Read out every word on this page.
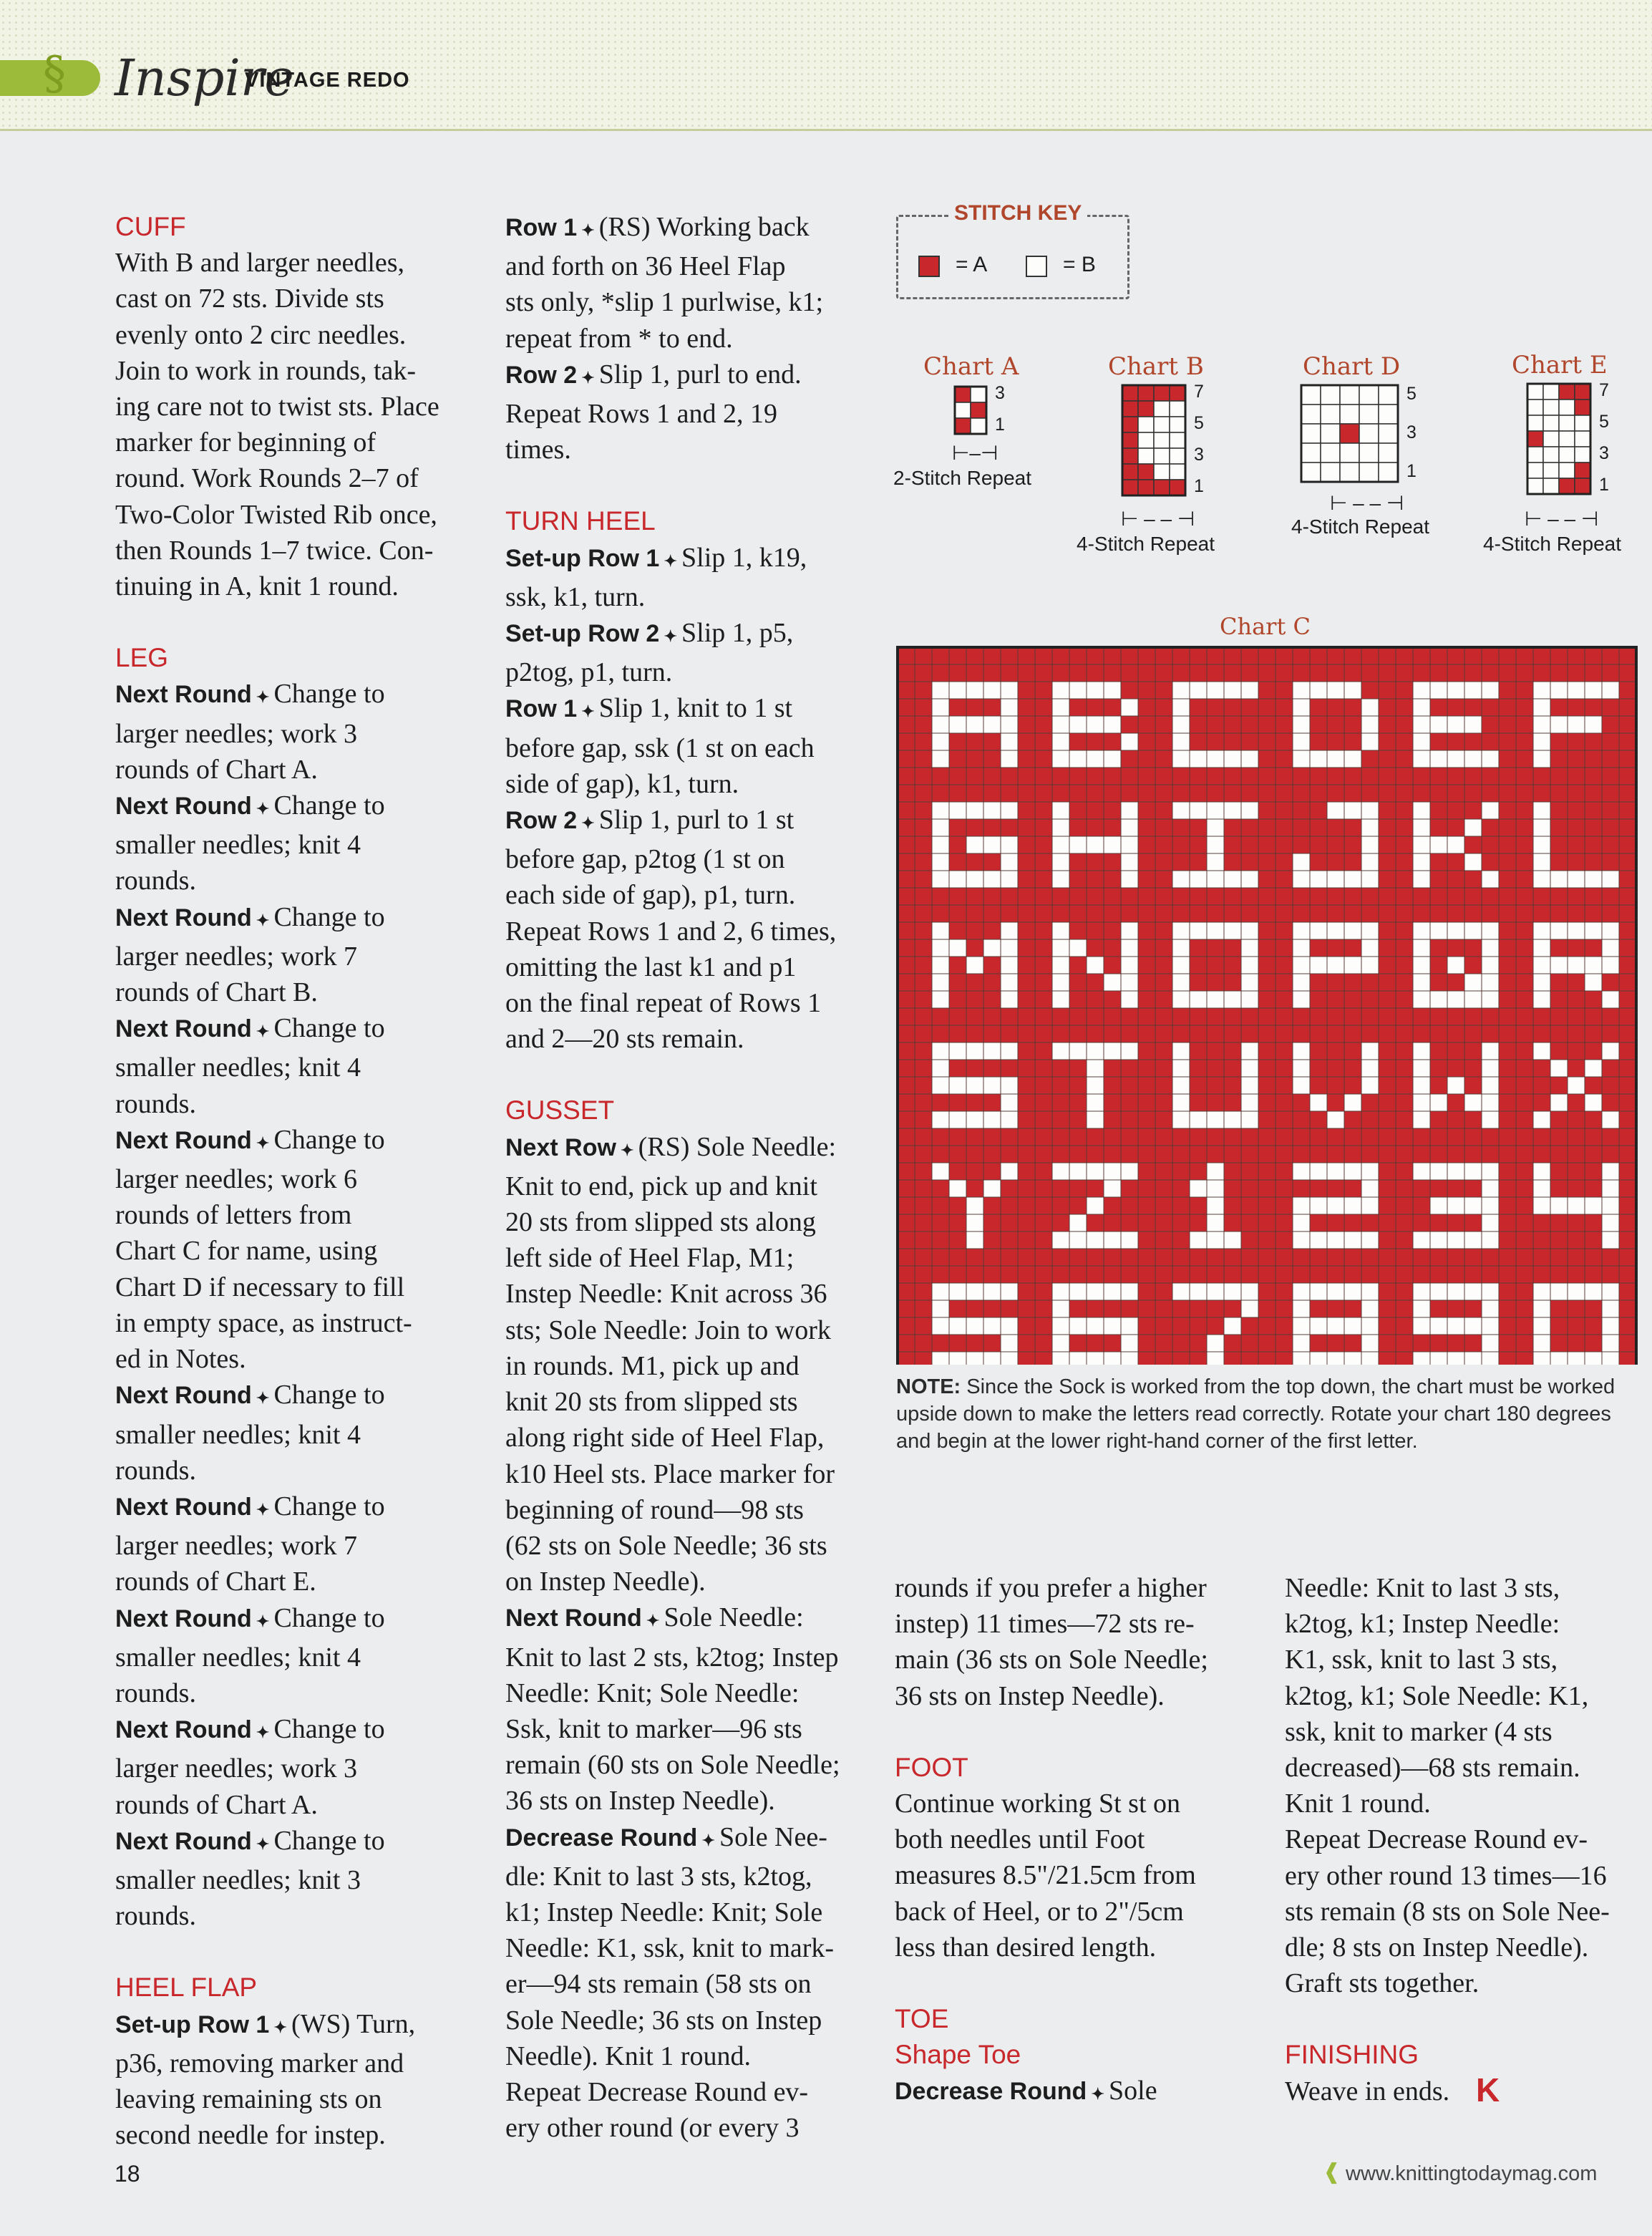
§ Inspire
VINTAGE REDO

CUFF

With B and larger needles,

cast on 72 sts. Divide sts

evenly onto 2 circ needles.

Join to work in rounds, tak-

ing care not to twist sts. Place

marker for beginning of

round. Work Rounds 2–7 of

Two-Color Twisted Rib once,

then Rounds 1–7 twice. Con-

tinuing in A, knit 1 round.

LEG

Next Round ✦ Change to

larger needles; work 3

rounds of Chart A.

Next Round ✦ Change to

smaller needles; knit 4

rounds.

Next Round ✦ Change to

larger needles; work 7

rounds of Chart B.

Next Round ✦ Change to

smaller needles; knit 4

rounds.

Next Round ✦ Change to

larger needles; work 6

rounds of letters from

Chart C for name, using

Chart D if necessary to fill

in empty space, as instruct-

ed in Notes.

Next Round ✦ Change to

smaller needles; knit 4

rounds.

Next Round ✦ Change to

larger needles; work 7

rounds of Chart E.

Next Round ✦ Change to

smaller needles; knit 4

rounds.

Next Round ✦ Change to

larger needles; work 3

rounds of Chart A.

Next Round ✦ Change to

smaller needles; knit 3

rounds.

HEEL FLAP

Set-up Row 1 ✦ (WS) Turn,

p36, removing marker and

leaving remaining sts on

second needle for instep.

Row 1 ✦ (RS) Working back

and forth on 36 Heel Flap

sts only, *slip 1 purlwise, k1;

repeat from * to end.

Row 2 ✦ Slip 1, purl to end.

Repeat Rows 1 and 2, 19

times.

TURN HEEL

Set-up Row 1 ✦ Slip 1, k19,

ssk, k1, turn.

Set-up Row 2 ✦ Slip 1, p5,

p2tog, p1, turn.

Row 1 ✦ Slip 1, knit to 1 st

before gap, ssk (1 st on each

side of gap), k1, turn.

Row 2 ✦ Slip 1, purl to 1 st

before gap, p2tog (1 st on

each side of gap), p1, turn.

Repeat Rows 1 and 2, 6 times,

omitting the last k1 and p1

on the final repeat of Rows 1

and 2—20 sts remain.

GUSSET

Next Row ✦ (RS) Sole Needle:

Knit to end, pick up and knit

20 sts from slipped sts along

left side of Heel Flap, M1;

Instep Needle: Knit across 36

sts; Sole Needle: Join to work

in rounds. M1, pick up and

knit 20 sts from slipped sts

along right side of Heel Flap,

k10 Heel sts. Place marker for

beginning of round—98 sts

(62 sts on Sole Needle; 36 sts

on Instep Needle).

Next Round ✦ Sole Needle:

Knit to last 2 sts, k2tog; Instep

Needle: Knit; Sole Needle:

Ssk, knit to marker—96 sts

remain (60 sts on Sole Needle;

36 sts on Instep Needle).

Decrease Round ✦ Sole Nee-

dle: Knit to last 3 sts, k2tog,

k1; Instep Needle: Knit; Sole

Needle: K1, ssk, knit to mark-

er—94 sts remain (58 sts on

Sole Needle; 36 sts on Instep

Needle). Knit 1 round.

Repeat Decrease Round ev-

ery other round (or every 3

rounds if you prefer a higher

instep) 11 times—72 sts re-

main (36 sts on Sole Needle;

36 sts on Instep Needle).

FOOT

Continue working St st on

both needles until Foot

measures 8.5"/21.5cm from

back of Heel, or to 2"/5cm

less than desired length.

TOE

Shape Toe

Decrease Round ✦ Sole

Needle: Knit to last 3 sts,

k2tog, k1; Instep Needle:

K1, ssk, knit to last 3 sts,

k2tog, k1; Sole Needle: K1,

ssk, knit to marker (4 sts

decreased)—68 sts remain.

Knit 1 round.

Repeat Decrease Round ev-

ery other round 13 times—16

sts remain (8 sts on Sole Nee-

dle; 8 sts on Instep Needle).

Graft sts together.

FINISHING

Weave in ends. K
STITCH KEY
= A	= B
Chart A
3
1
⊢–⊣
2-Stitch Repeat
Chart B
7
5
3
1
⊢ – – ⊣
4-Stitch Repeat
Chart D
5
3
1
⊢ – – ⊣
4-Stitch Repeat
Chart E
7
5
3
1
⊢ – – ⊣
4-Stitch Repeat
Chart C
NOTE: Since the Sock is worked from the top down, the chart must be worked upside down to make the letters read correctly. Rotate your chart 180 degrees and begin at the lower right-hand corner of the first letter.
18	❰ www.knittingtodaymag.com
